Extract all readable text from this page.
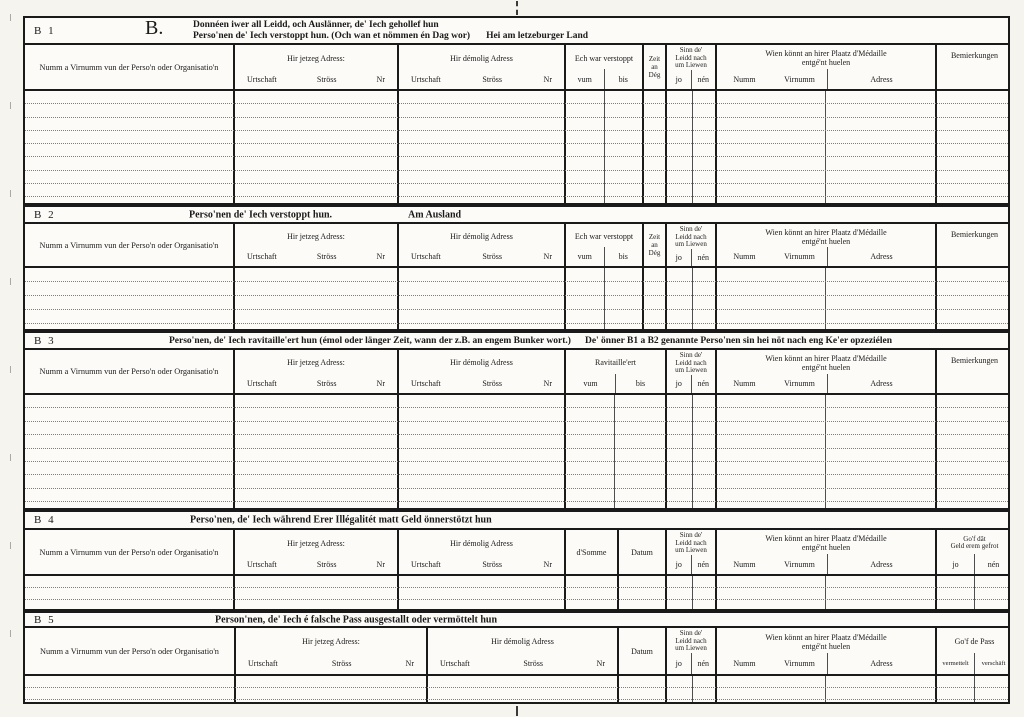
B 1	B.	Donnéen iwer all Leidd, och Auslänner, de' Iech gehollef hun
Perso'nen de' Iech verstoppt hun. (Och wan et nömmen én Dag wor) Hei am letzeburger Land
Numm a Virnumm vun der Perso'n oder Organisatio'n
Hir jetzeg Adress:
Urtschaft	Ströss	Nr
Hir démolig Adress
Urtschaft	Ströss	Nr
Ech war verstoppt
vum	bis
Zeit
an
Dég
Sinn de'
Leidd nach
um Liewen
jo	nén
Wien könnt an hirer Plaatz d'Médaille
entgé'nt huelen
Numm	Virnumm	Adress
Bemierkungen
B 2	Perso'nen de' Iech verstoppt hun.	Am Ausland
Numm a Virnumm vun der Perso'n oder Organisatio'n
Hir jetzeg Adress:
Urtschaft	Ströss	Nr
Hir démolig Adress
Urtschaft	Ströss	Nr
Ech war verstoppt
vum	bis
Zeit
an
Dég
Sinn de'
Leidd nach
um Liewen
jo	nén
Wien könnt an hirer Plaatz d'Médaille
entgé'nt huelen
Numm	Virnumm	Adress
Bemierkungen
B 3	Perso'nen, de' Iech ravitaille'ert hun (émol oder länger Zeit, wann der z.B. an engem Bunker wort.) De' önner B1 a B2 genannte Perso'nen sin hei nöt nach eng Ke'er opzeziélen
Numm a Virnumm vun der Perso'n oder Organisatio'n
Hir jetzeg Adress:
Urtschaft	Ströss	Nr
Hir démolig Adress
Urtschaft	Ströss	Nr
Ravitaille'ert
vum	bis
Sinn de'
Leidd nach
um Liewen
jo	nén
Wien könnt an hirer Plaatz d'Médaille
entgé'nt huelen
Numm	Virnumm	Adress
Bemierkungen
B 4	Perso'nen, de' Iech während Erer Illégalitét matt Geld önnerstötzt hun
Numm a Virnumm vun der Perso'n oder Organisatio'n
Hir jetzeg Adress:
Urtschaft	Ströss	Nr
Hir démolig Adress
Urtschaft	Ströss	Nr
d'Somme	Datum
Sinn de'
Leidd nach
um Liewen
jo	nén
Wien könnt an hirer Plaatz d'Médaille
entgé'nt huelen
Numm	Virnumm	Adress
Go'f dât
Geld erem gefrot
jo	nén
B 5	Person'nen, de' Iech é falsche Pass ausgestallt oder vermöttelt hun
Numm a Virnumm vun der Perso'n oder Organisatio'n
Hir jetzeg Adress:
Urtschaft	Ströss	Nr
Hir démolig Adress
Urtschaft	Ströss	Nr
Datum
Sinn de'
Leidd nach
um Liewen
jo	nén
Wien könnt an hirer Plaatz d'Médaille
entgé'nt huelen
Numm	Virnumm	Adress
Go'f de Pass
vermettelt	verschäft
